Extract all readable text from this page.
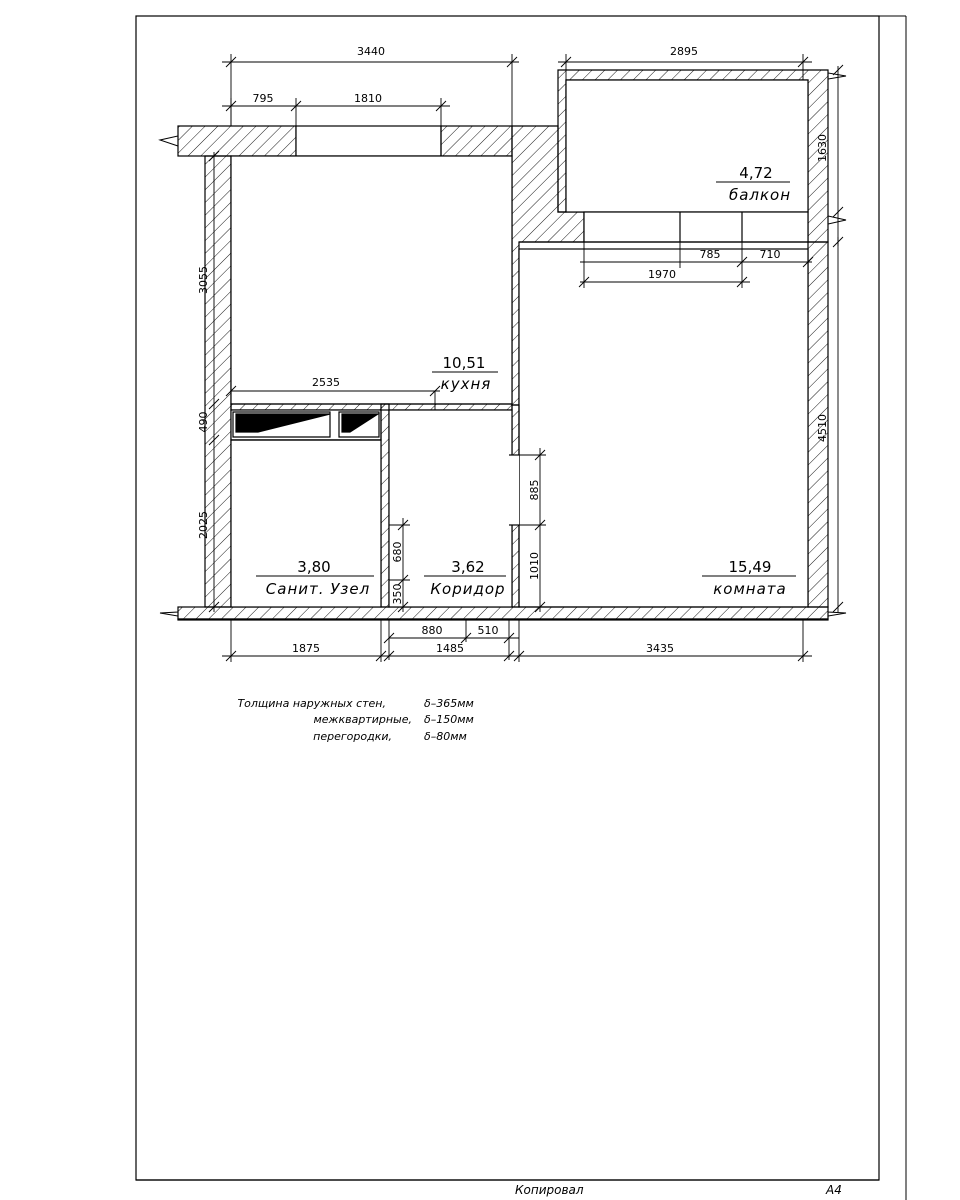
3440	2895
795	1810
3055
490
2025
2535
1630
4510
1970
785	710
885
1010
680
350
880	510
1875	1485	3435
10,51
кухня
4,72
балкон
3,80
Санит. Узел
3,62
Коридор
15,49
комната
Толщина наружных стен,	δ–365мм
межквартирные, δ–150мм
перегородки,	δ–80мм
Копировал	А4
